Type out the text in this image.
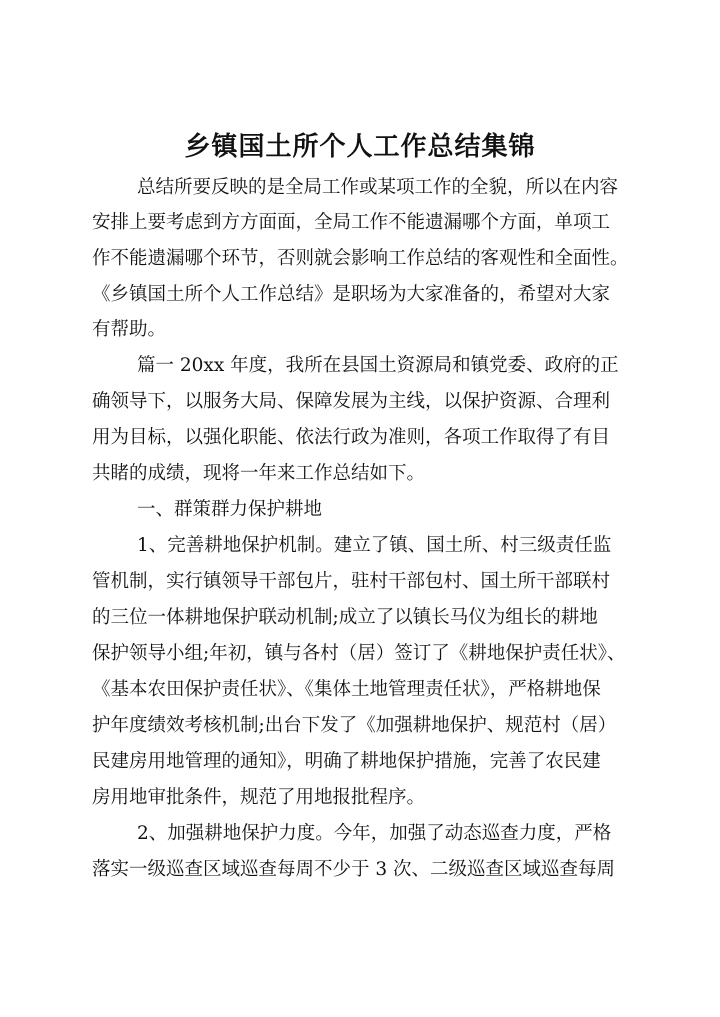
乡镇国土所个人工作总结集锦
总结所要反映的是全局工作或某项工作的全貌，所以在内容
安排上要考虑到方方面面，全局工作不能遗漏哪个方面，单项工
作不能遗漏哪个环节，否则就会影响工作总结的客观性和全面性。
《乡镇国土所个人工作总结》是职场为大家准备的，希望对大家
有帮助。
篇一 20xx 年度，我所在县国土资源局和镇党委、政府的正
确领导下，以服务大局、保障发展为主线，以保护资源、合理利
用为目标，以强化职能、依法行政为准则，各项工作取得了有目
共睹的成绩，现将一年来工作总结如下。
一、群策群力保护耕地
1、完善耕地保护机制。建立了镇、国土所、村三级责任监
管机制，实行镇领导干部包片，驻村干部包村、国土所干部联村
的三位一体耕地保护联动机制;成立了以镇长马仪为组长的耕地
保护领导小组;年初，镇与各村（居）签订了《耕地保护责任状》、
《基本农田保护责任状》、《集体土地管理责任状》，严格耕地保
护年度绩效考核机制;出台下发了《加强耕地保护、规范村（居）
民建房用地管理的通知》，明确了耕地保护措施，完善了农民建
房用地审批条件，规范了用地报批程序。
2、加强耕地保护力度。今年，加强了动态巡查力度，严格
落实一级巡查区域巡查每周不少于 3 次、二级巡查区域巡查每周
